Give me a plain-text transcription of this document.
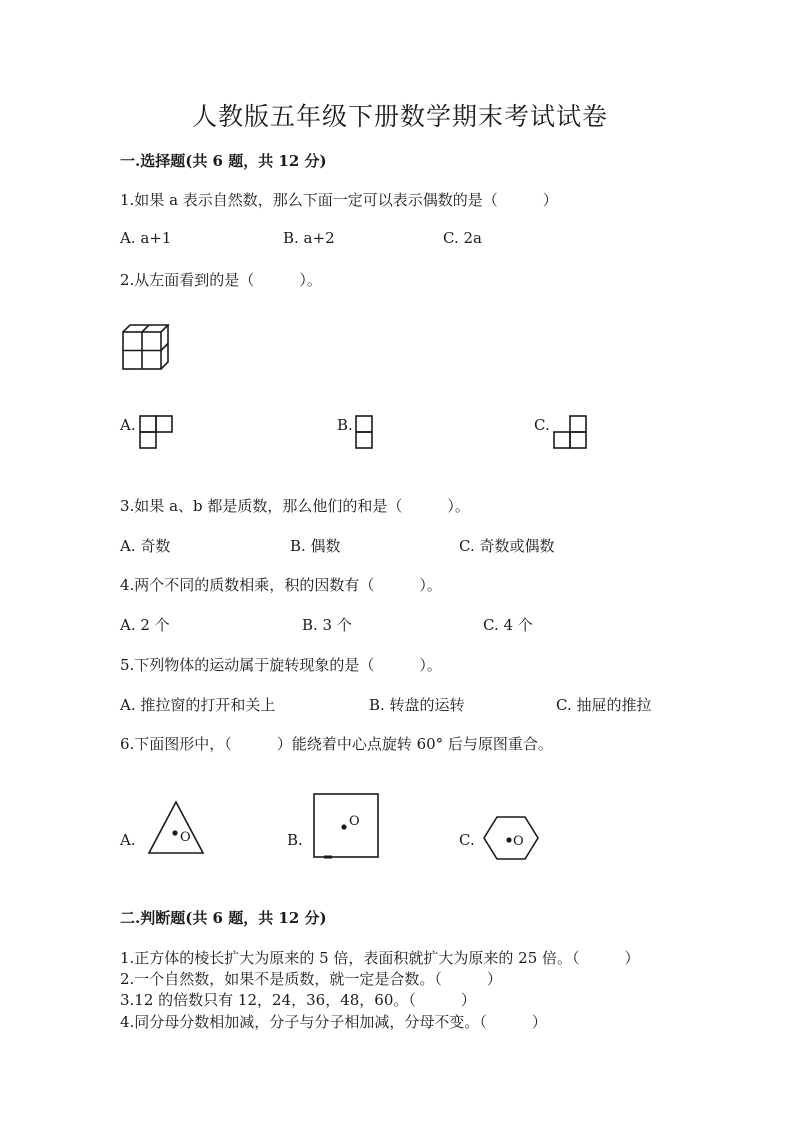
人教版五年级下册数学期末考试试卷
一.选择题(共 6 题，共 12 分)
1.如果 a 表示自然数，那么下面一定可以表示偶数的是（　　　）
A. a+1	B. a+2	C. 2a
2.从左面看到的是（　　　）。
A.	B.	C.
3.如果 a、b 都是质数，那么他们的和是（　　　）。
A. 奇数	B. 偶数	C. 奇数或偶数
4.两个不同的质数相乘，积的因数有（　　　）。
A. 2 个	B. 3 个	C. 4 个
5.下列物体的运动属于旋转现象的是（　　　）。
A. 推拉窗的打开和关上	B. 转盘的运转	C. 抽屉的推拉
6.下面图形中，（　　　）能绕着中心点旋转 60° 后与原图重合。
A.	O	B.
O
C.	O
二.判断题(共 6 题，共 12 分)
1.正方体的棱长扩大为原来的 5 倍，表面积就扩大为原来的 25 倍。（　　　）
2.一个自然数，如果不是质数，就一定是合数。（　　　）
3.12 的倍数只有 12，24，36，48，60。（　　　）
4.同分母分数相加减，分子与分子相加减，分母不变。（　　　）
